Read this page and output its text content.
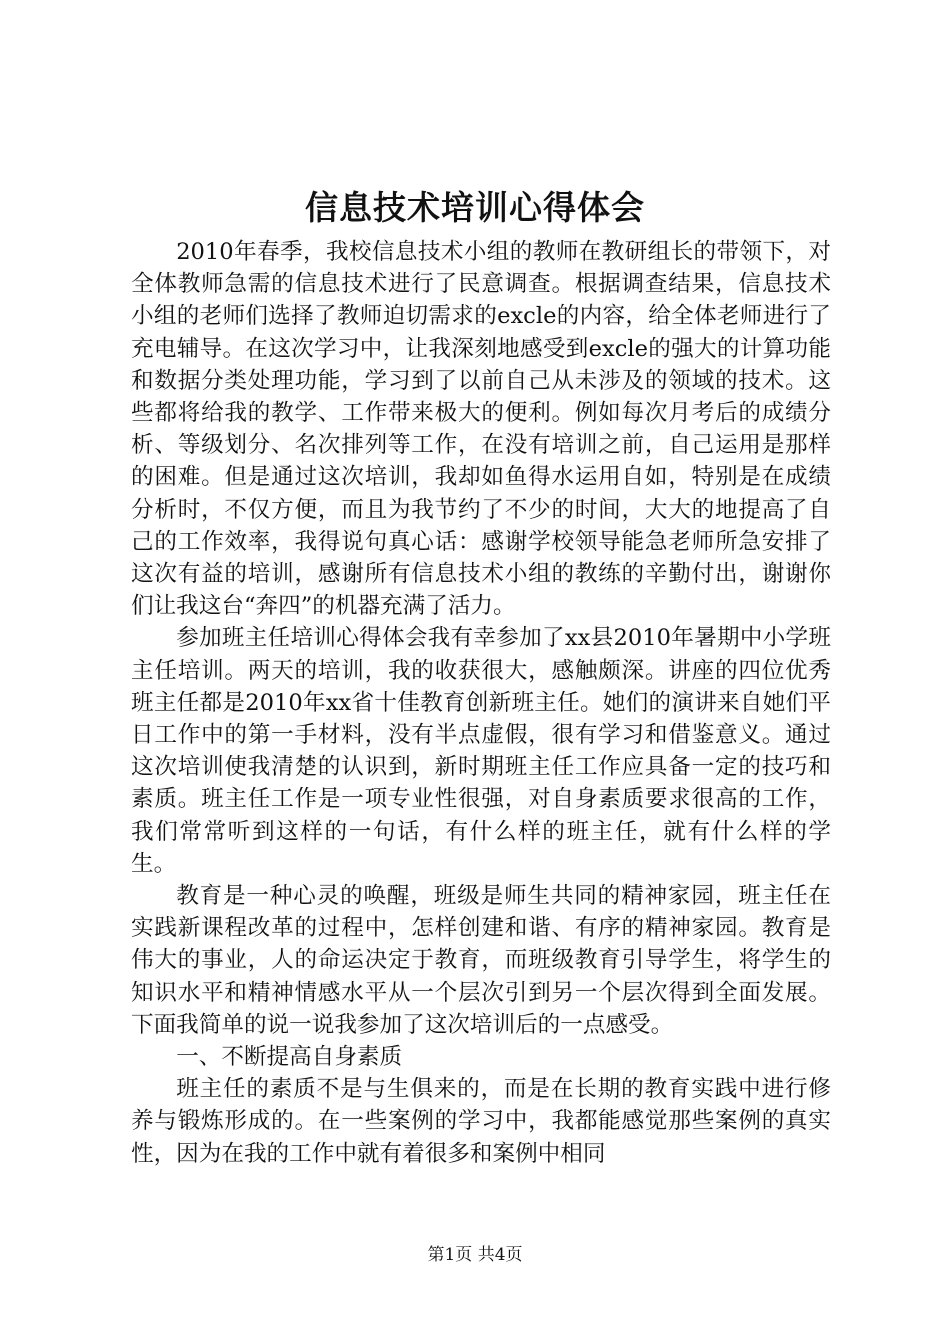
信息技术培训心得体会

2010年春季，我校信息技术小组的教师在教研组长的带领下，对全体教师急需的信息技术进行了民意调查。根据调查结果，信息技术小组的老师们选择了教师迫切需求的excle的内容，给全体老师进行了充电辅导。在这次学习中，让我深刻地感受到excle的强大的计算功能和数据分类处理功能，学习到了以前自己从未涉及的领域的技术。这些都将给我的教学、工作带来极大的便利。例如每次月考后的成绩分析、等级划分、名次排列等工作，在没有培训之前，自己运用是那样的困难。但是通过这次培训，我却如鱼得水运用自如，特别是在成绩分析时，不仅方便，而且为我节约了不少的时间，大大的地提高了自己的工作效率，我得说句真心话：感谢学校领导能急老师所急安排了这次有益的培训，感谢所有信息技术小组的教练的辛勤付出，谢谢你们让我这台“奔四”的机器充满了活力。

参加班主任培训心得体会我有幸参加了xx县2010年暑期中小学班主任培训。两天的培训，我的收获很大，感触颇深。讲座的四位优秀班主任都是2010年xx省十佳教育创新班主任。她们的演讲来自她们平日工作中的第一手材料，没有半点虚假，很有学习和借鉴意义。通过这次培训使我清楚的认识到，新时期班主任工作应具备一定的技巧和素质。班主任工作是一项专业性很强，对自身素质要求很高的工作，我们常常听到这样的一句话，有什么样的班主任，就有什么样的学生。

教育是一种心灵的唤醒，班级是师生共同的精神家园，班主任在实践新课程改革的过程中，怎样创建和谐、有序的精神家园。教育是伟大的事业，人的命运决定于教育，而班级教育引导学生，将学生的知识水平和精神情感水平从一个层次引到另一个层次得到全面发展。下面我简单的说一说我参加了这次培训后的一点感受。

一、不断提高自身素质

班主任的素质不是与生俱来的，而是在长期的教育实践中进行修养与锻炼形成的。在一些案例的学习中，我都能感觉那些案例的真实性，因为在我的工作中就有着很多和案例中相同

第1页 共4页
